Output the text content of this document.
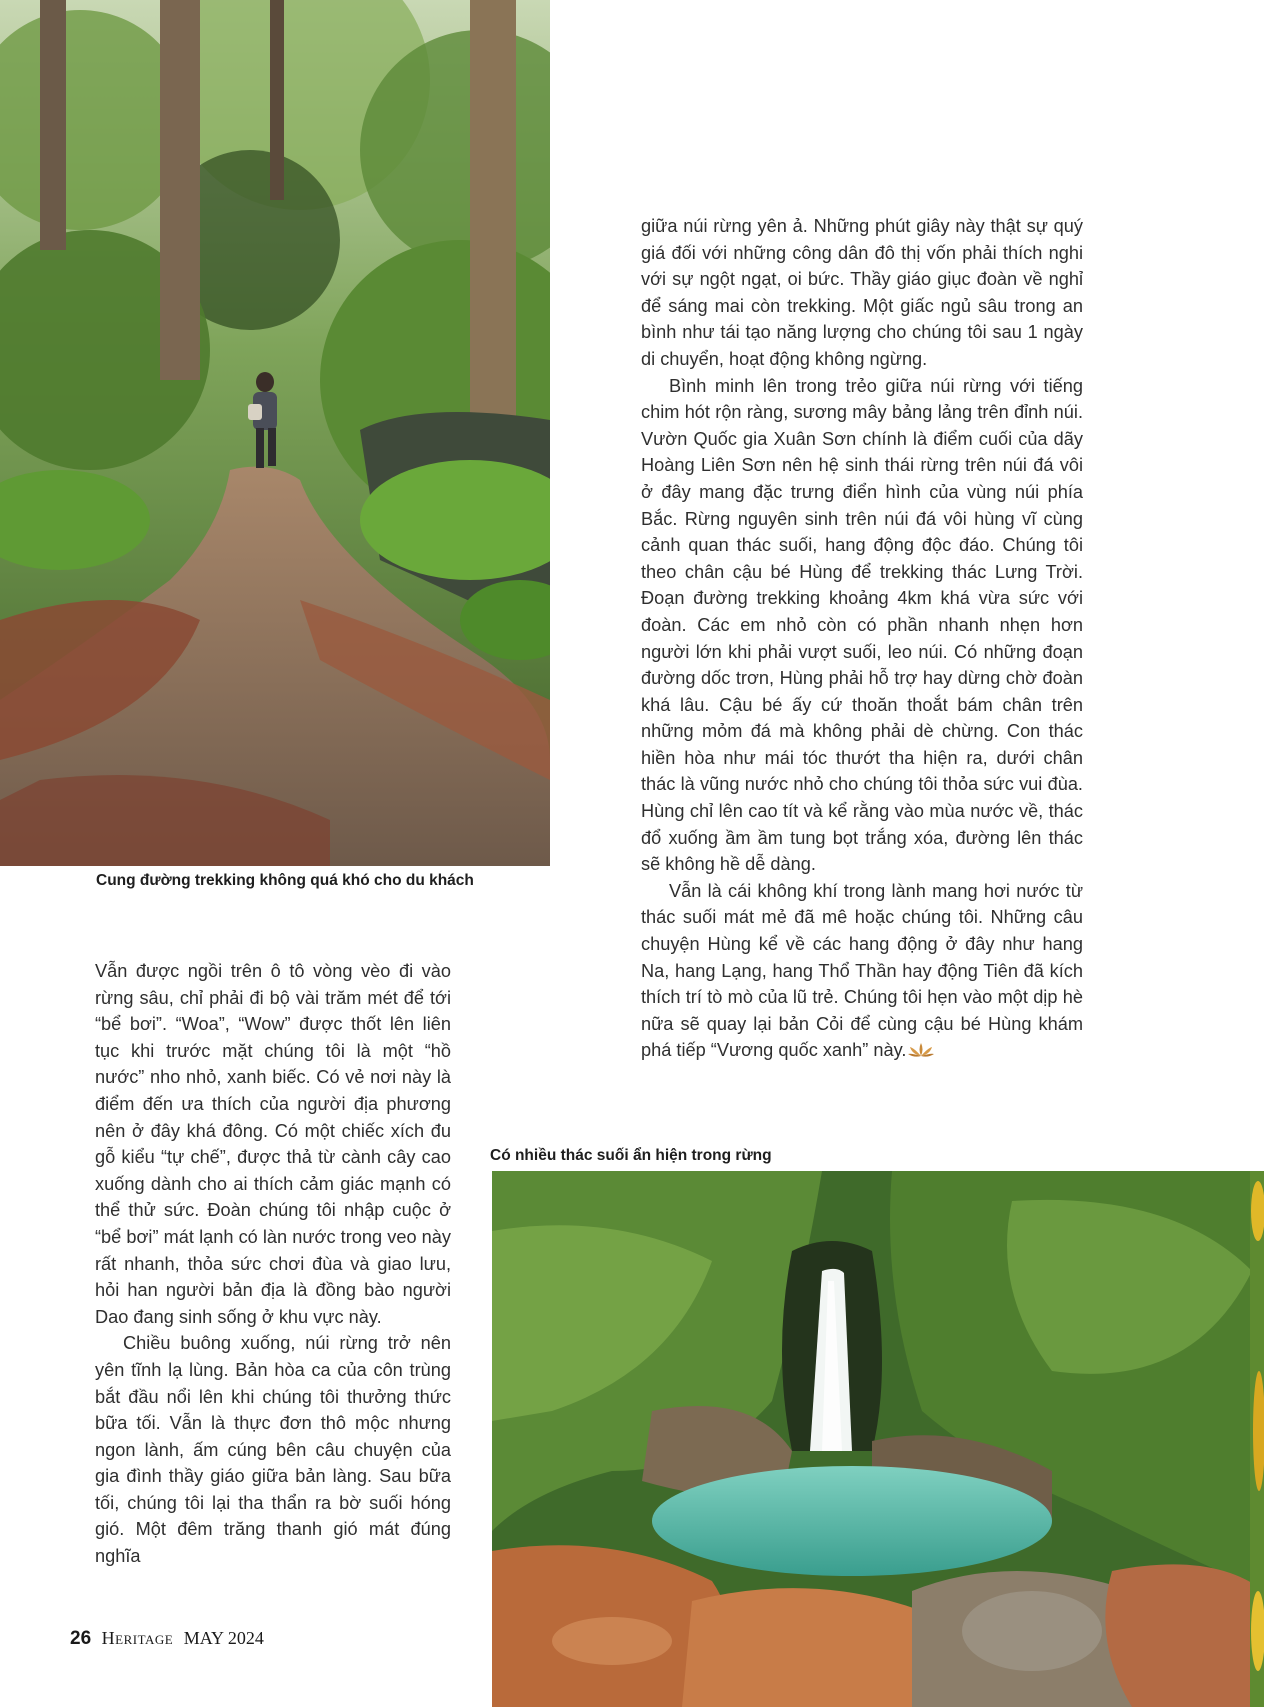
Cung đường trekking không quá khó cho du khách

Vẫn được ngồi trên ô tô vòng vèo đi vào rừng sâu, chỉ phải đi bộ vài trăm mét để tới “bể bơi”. “Woa”, “Wow” được thốt lên liên tục khi trước mặt chúng tôi là một “hồ nước” nho nhỏ, xanh biếc. Có vẻ nơi này là điểm đến ưa thích của người địa phương nên ở đây khá đông. Có một chiếc xích đu gỗ kiểu “tự chế”, được thả từ cành cây cao xuống dành cho ai thích cảm giác mạnh có thể thử sức. Đoàn chúng tôi nhập cuộc ở “bể bơi” mát lạnh có làn nước trong veo này rất nhanh, thỏa sức chơi đùa và giao lưu, hỏi han người bản địa là đồng bào người Dao đang sinh sống ở khu vực này.

Chiều buông xuống, núi rừng trở nên yên tĩnh lạ lùng. Bản hòa ca của côn trùng bắt đầu nổi lên khi chúng tôi thưởng thức bữa tối. Vẫn là thực đơn thô mộc nhưng ngon lành, ấm cúng bên câu chuyện của gia đình thầy giáo giữa bản làng. Sau bữa tối, chúng tôi lại tha thẩn ra bờ suối hóng gió. Một đêm trăng thanh gió mát đúng nghĩa

giữa núi rừng yên ả. Những phút giây này thật sự quý giá đối với những công dân đô thị vốn phải thích nghi với sự ngột ngạt, oi bức. Thầy giáo giục đoàn về nghỉ để sáng mai còn trekking. Một giấc ngủ sâu trong an bình như tái tạo năng lượng cho chúng tôi sau 1 ngày di chuyển, hoạt động không ngừng.

Bình minh lên trong trẻo giữa núi rừng với tiếng chim hót rộn ràng, sương mây bảng lảng trên đỉnh núi. Vườn Quốc gia Xuân Sơn chính là điểm cuối của dãy Hoàng Liên Sơn nên hệ sinh thái rừng trên núi đá vôi ở đây mang đặc trưng điển hình của vùng núi phía Bắc. Rừng nguyên sinh trên núi đá vôi hùng vĩ cùng cảnh quan thác suối, hang động độc đáo. Chúng tôi theo chân cậu bé Hùng để trekking thác Lưng Trời. Đoạn đường trekking khoảng 4km khá vừa sức với đoàn. Các em nhỏ còn có phần nhanh nhẹn hơn người lớn khi phải vượt suối, leo núi. Có những đoạn đường dốc trơn, Hùng phải hỗ trợ hay dừng chờ đoàn khá lâu. Cậu bé ấy cứ thoăn thoắt bám chân trên những mỏm đá mà không phải dè chừng. Con thác hiền hòa như mái tóc thướt tha hiện ra, dưới chân thác là vũng nước nhỏ cho chúng tôi thỏa sức vui đùa. Hùng chỉ lên cao tít và kể rằng vào mùa nước về, thác đổ xuống ầm ầm tung bọt trắng xóa, đường lên thác sẽ không hề dễ dàng.

Vẫn là cái không khí trong lành mang hơi nước từ thác suối mát mẻ đã mê hoặc chúng tôi. Những câu chuyện Hùng kể về các hang động ở đây như hang Na, hang Lạng, hang Thổ Thần hay động Tiên đã kích thích trí tò mò của lũ trẻ. Chúng tôi hẹn vào một dịp hè nữa sẽ quay lại bản Cỏi để cùng cậu bé Hùng khám phá tiếp “Vương quốc xanh” này.

Có nhiều thác suối ẩn hiện trong rừng
26 Heritage MAY 2024
